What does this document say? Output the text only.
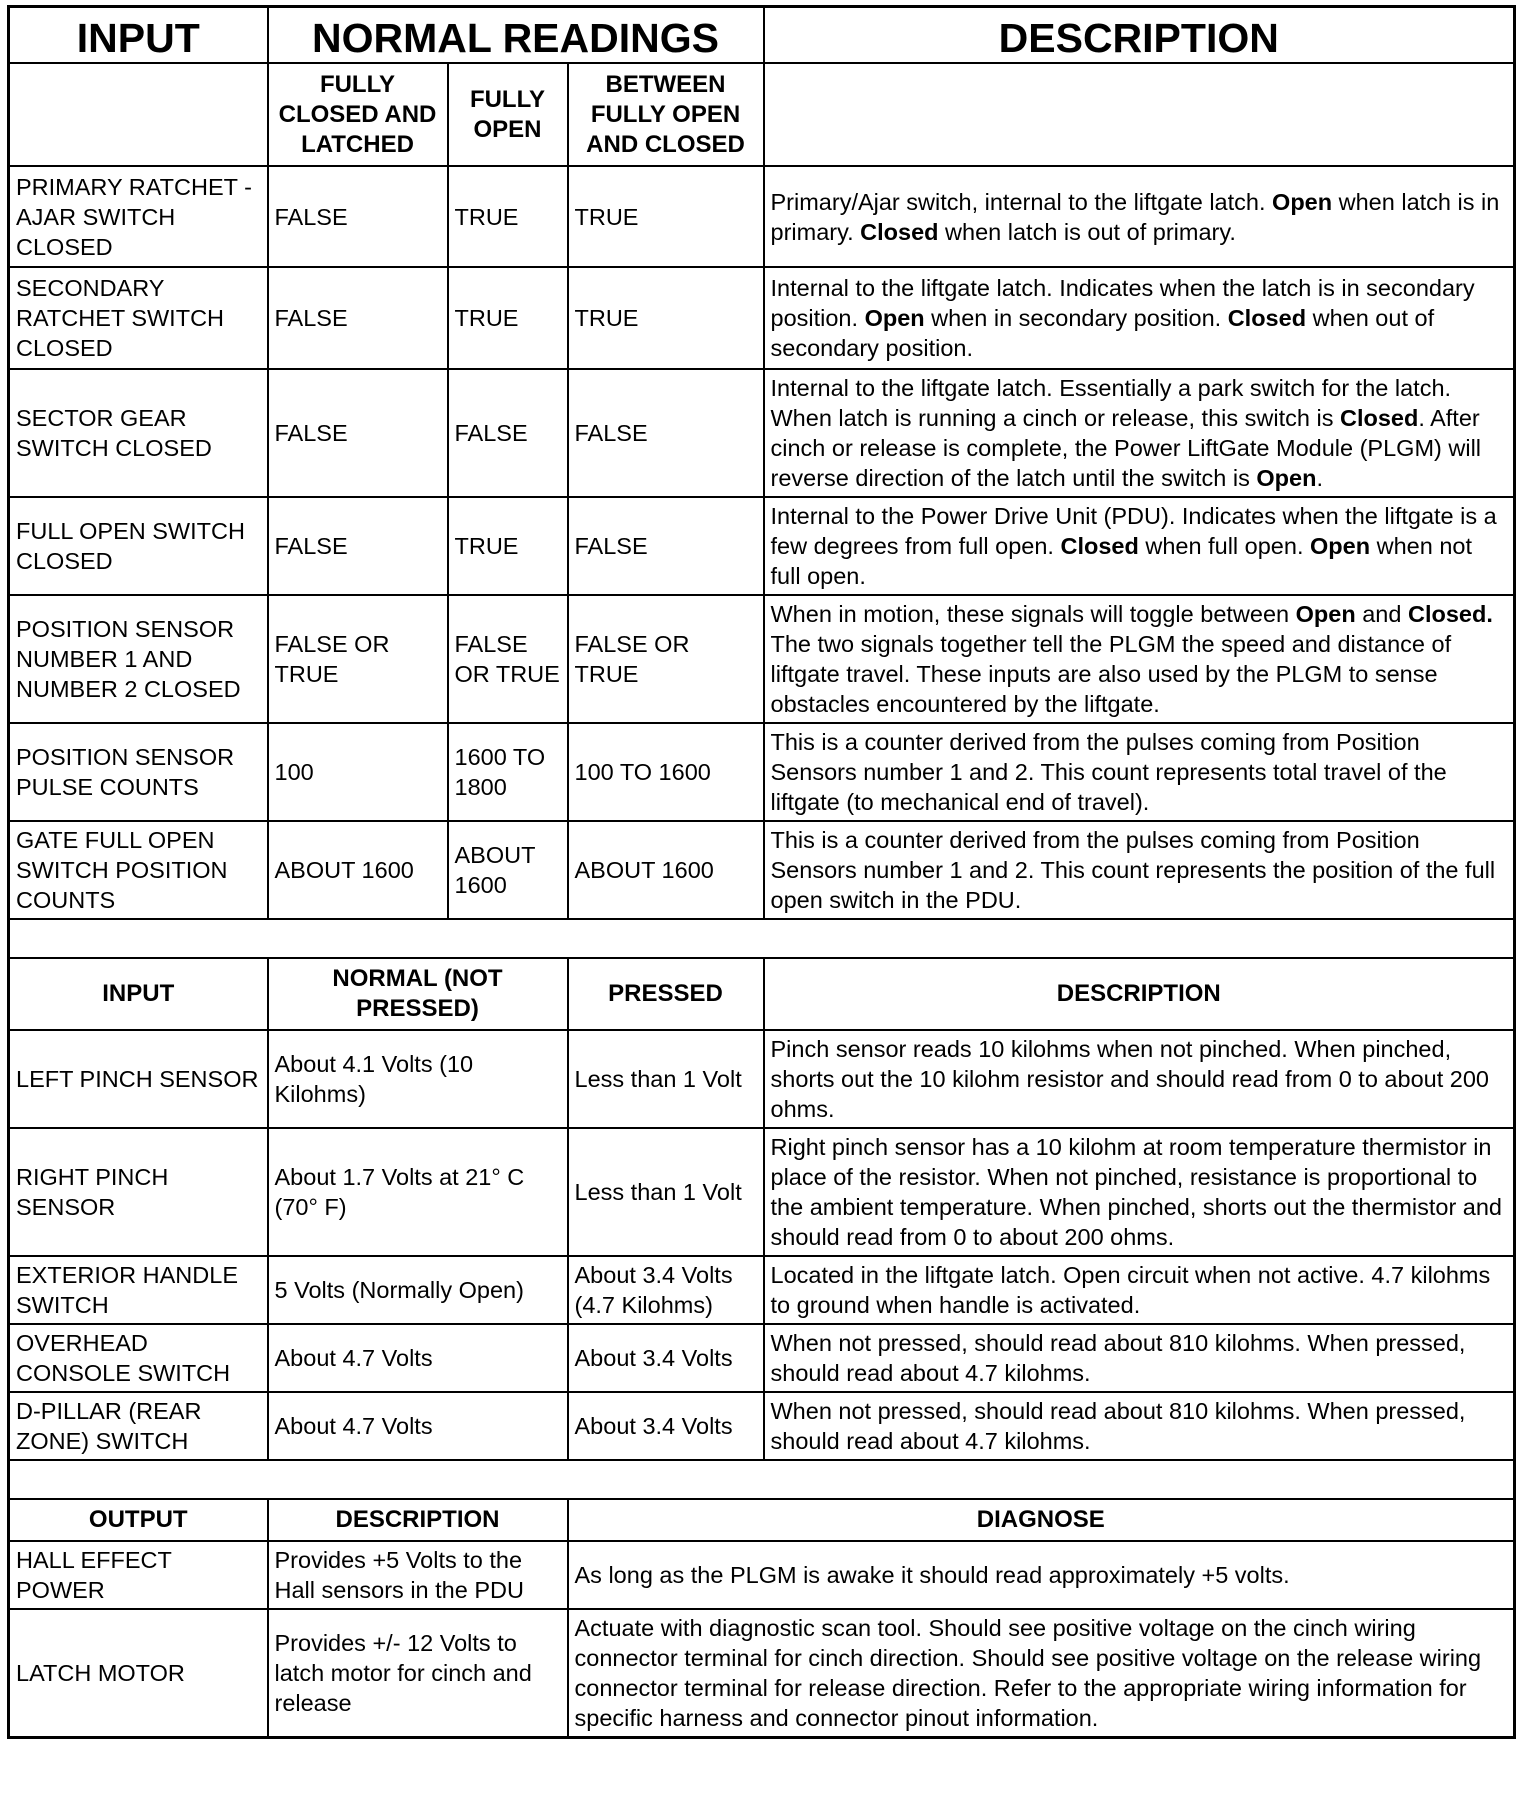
INPUT	NORMAL READINGS			DESCRIPTION
	FULLY CLOSED AND LATCHED	FULLY OPEN	BETWEEN FULLY OPEN AND CLOSED	
PRIMARY RATCHET - AJAR SWITCH CLOSED	FALSE	TRUE	TRUE	Primary/Ajar switch, internal to the liftgate latch. Open when latch is in primary. Closed when latch is out of primary.
SECONDARY RATCHET SWITCH CLOSED	FALSE	TRUE	TRUE	Internal to the liftgate latch. Indicates when the latch is in secondary position. Open when in secondary position. Closed when out of secondary position.
SECTOR GEAR SWITCH CLOSED	FALSE	FALSE	FALSE	Internal to the liftgate latch. Essentially a park switch for the latch. When latch is running a cinch or release, this switch is Closed. After cinch or release is complete, the Power LiftGate Module (PLGM) will reverse direction of the latch until the switch is Open.
FULL OPEN SWITCH CLOSED	FALSE	TRUE	FALSE	Internal to the Power Drive Unit (PDU). Indicates when the liftgate is a few degrees from full open. Closed when full open. Open when not full open.
POSITION SENSOR NUMBER 1 AND NUMBER 2 CLOSED	FALSE OR TRUE	FALSE OR TRUE	FALSE OR TRUE	When in motion, these signals will toggle between Open and Closed. The two signals together tell the PLGM the speed and distance of liftgate travel. These inputs are also used by the PLGM to sense obstacles encountered by the liftgate.
POSITION SENSOR PULSE COUNTS	100	1600 TO 1800	100 TO 1600	This is a counter derived from the pulses coming from Position Sensors number 1 and 2. This count represents total travel of the liftgate (to mechanical end of travel).
GATE FULL OPEN SWITCH POSITION COUNTS	ABOUT 1600	ABOUT 1600	ABOUT 1600	This is a counter derived from the pulses coming from Position Sensors number 1 and 2. This count represents the position of the full open switch in the PDU.

INPUT	NORMAL (NOT PRESSED)		PRESSED	DESCRIPTION
LEFT PINCH SENSOR	About 4.1 Volts (10 Kilohms)		Less than 1 Volt	Pinch sensor reads 10 kilohms when not pinched. When pinched, shorts out the 10 kilohm resistor and should read from 0 to about 200 ohms.
RIGHT PINCH SENSOR	About 1.7 Volts at 21° C (70° F)		Less than 1 Volt	Right pinch sensor has a 10 kilohm at room temperature thermistor in place of the resistor. When not pinched, resistance is proportional to the ambient temperature. When pinched, shorts out the thermistor and should read from 0 to about 200 ohms.
EXTERIOR HANDLE SWITCH	5 Volts (Normally Open)		About 3.4 Volts (4.7 Kilohms)	Located in the liftgate latch. Open circuit when not active. 4.7 kilohms to ground when handle is activated.
OVERHEAD CONSOLE SWITCH	About 4.7 Volts		About 3.4 Volts	When not pressed, should read about 810 kilohms. When pressed, should read about 4.7 kilohms.
D-PILLAR (REAR ZONE) SWITCH	About 4.7 Volts		About 3.4 Volts	When not pressed, should read about 810 kilohms. When pressed, should read about 4.7 kilohms.

OUTPUT	DESCRIPTION		DIAGNOSE	
HALL EFFECT POWER	Provides +5 Volts to the Hall sensors in the PDU		As long as the PLGM is awake it should read approximately +5 volts.	
LATCH MOTOR	Provides +/- 12 Volts to latch motor for cinch and release		Actuate with diagnostic scan tool. Should see positive voltage on the cinch wiring connector terminal for cinch direction. Should see positive voltage on the release wiring connector terminal for release direction. Refer to the appropriate wiring information for specific harness and connector pinout information.	
